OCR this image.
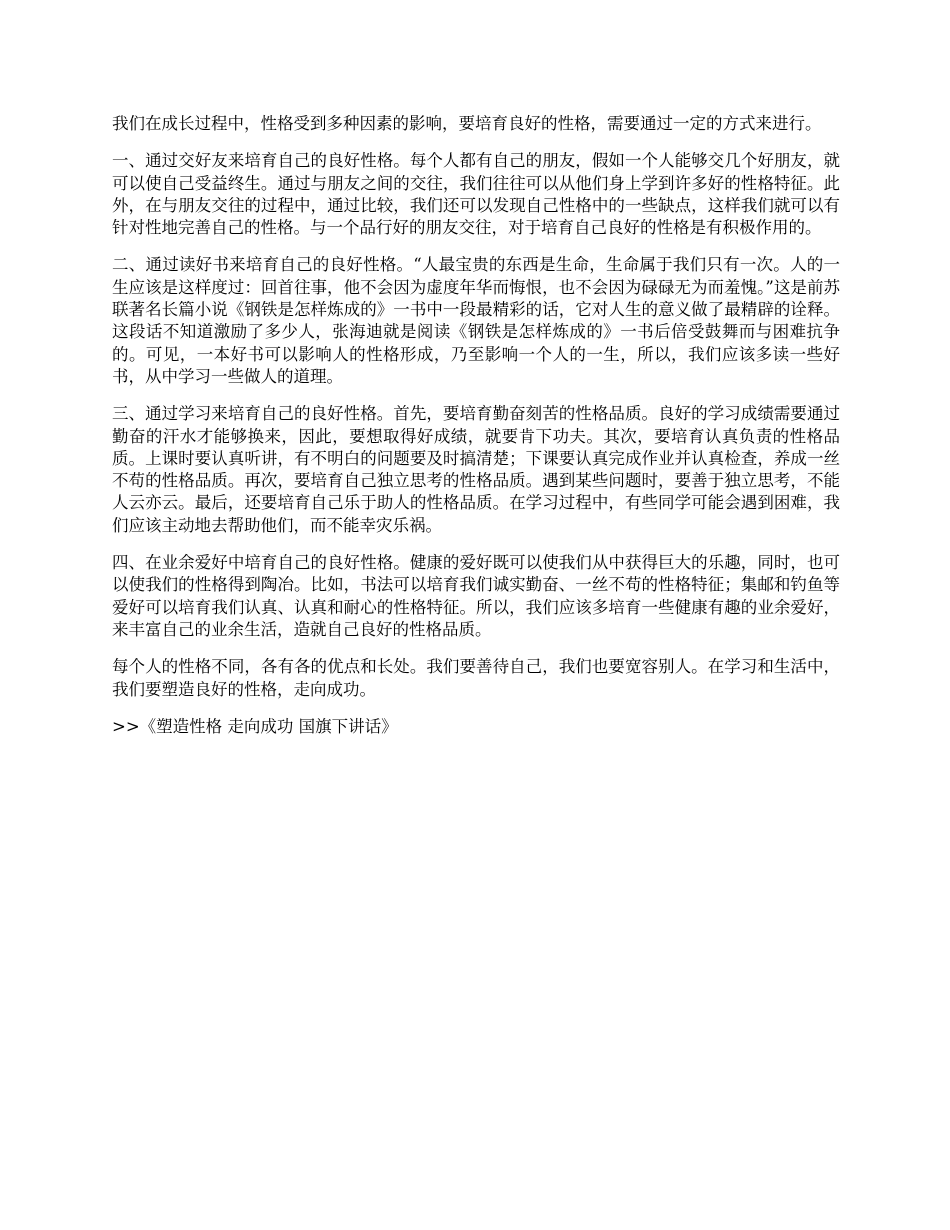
我们在成长过程中，性格受到多种因素的影响，要培育良好的性格，需要通过一定的方式来进行。

一、通过交好友来培育自己的良好性格。每个人都有自己的朋友，假如一个人能够交几个好朋友，就可以使自己受益终生。通过与朋友之间的交往，我们往往可以从他们身上学到许多好的性格特征。此外，在与朋友交往的过程中，通过比较，我们还可以发现自己性格中的一些缺点，这样我们就可以有针对性地完善自己的性格。与一个品行好的朋友交往，对于培育自己良好的性格是有积极作用的。

二、通过读好书来培育自己的良好性格。“人最宝贵的东西是生命，生命属于我们只有一次。人的一生应该是这样度过：回首往事，他不会因为虚度年华而悔恨，也不会因为碌碌无为而羞愧。”这是前苏联著名长篇小说《钢铁是怎样炼成的》一书中一段最精彩的话，它对人生的意义做了最精辟的诠释。这段话不知道激励了多少人，张海迪就是阅读《钢铁是怎样炼成的》一书后倍受鼓舞而与困难抗争的。可见，一本好书可以影响人的性格形成，乃至影响一个人的一生，所以，我们应该多读一些好书，从中学习一些做人的道理。

三、通过学习来培育自己的良好性格。首先，要培育勤奋刻苦的性格品质。良好的学习成绩需要通过勤奋的汗水才能够换来，因此，要想取得好成绩，就要肯下功夫。其次，要培育认真负责的性格品质。上课时要认真听讲，有不明白的问题要及时搞清楚；下课要认真完成作业并认真检查，养成一丝不苟的性格品质。再次，要培育自己独立思考的性格品质。遇到某些问题时，要善于独立思考，不能人云亦云。最后，还要培育自己乐于助人的性格品质。在学习过程中，有些同学可能会遇到困难，我们应该主动地去帮助他们，而不能幸灾乐祸。

四、在业余爱好中培育自己的良好性格。健康的爱好既可以使我们从中获得巨大的乐趣，同时，也可以使我们的性格得到陶冶。比如，书法可以培育我们诚实勤奋、一丝不苟的性格特征；集邮和钓鱼等爱好可以培育我们认真、认真和耐心的性格特征。所以，我们应该多培育一些健康有趣的业余爱好，来丰富自己的业余生活，造就自己良好的性格品质。

每个人的性格不同，各有各的优点和长处。我们要善待自己，我们也要宽容别人。在学习和生活中，我们要塑造良好的性格，走向成功。

>>《塑造性格 走向成功 国旗下讲话》
